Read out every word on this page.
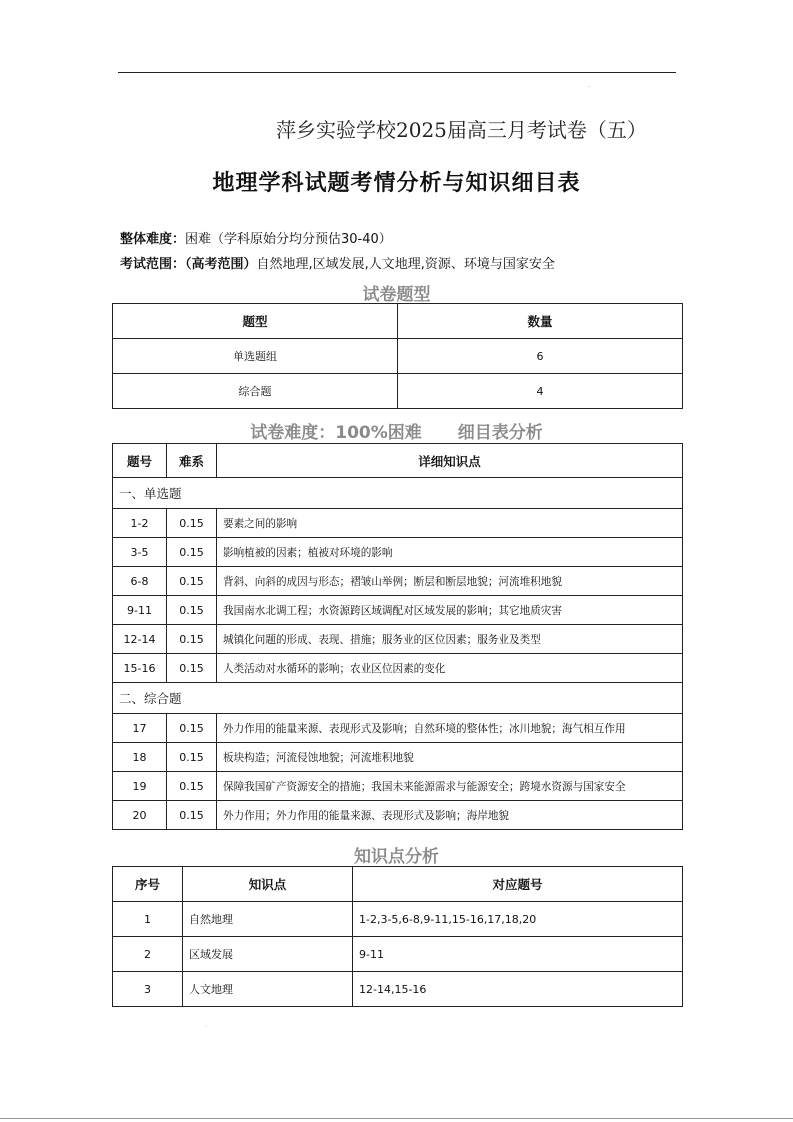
.
萍乡实验学校2025届高三月考试卷（五）
地理学科试题考情分析与知识细目表
整体难度：困难（学科原始分均分预估30-40）
考试范围：（高考范围）自然地理,区域发展,人文地理,资源、环境与国家安全
试卷题型
题型	数量
单选题组	6
综合题	4
试卷难度：100%困难 细目表分析
题号	难系	详细知识点
一、单选题		
1-2	0.15	要素之间的影响
3-5	0.15	影响植被的因素；植被对环境的影响
6-8	0.15	背斜、向斜的成因与形态；褶皱山举例；断层和断层地貌；河流堆积地貌
9-11	0.15	我国南水北调工程；水资源跨区域调配对区域发展的影响；其它地质灾害
12-14	0.15	城镇化问题的形成、表现、措施；服务业的区位因素；服务业及类型
15-16	0.15	人类活动对水循环的影响；农业区位因素的变化
二、综合题		
17	0.15	外力作用的能量来源、表现形式及影响；自然环境的整体性；冰川地貌；海气相互作用
18	0.15	板块构造；河流侵蚀地貌；河流堆积地貌
19	0.15	保障我国矿产资源安全的措施；我国未来能源需求与能源安全；跨境水资源与国家安全
20	0.15	外力作用；外力作用的能量来源、表现形式及影响；海岸地貌
知识点分析
序号	知识点	对应题号
1	自然地理	1-2,3-5,6-8,9-11,15-16,17,18,20
2	区域发展	9-11
3	人文地理	12-14,15-16
.
